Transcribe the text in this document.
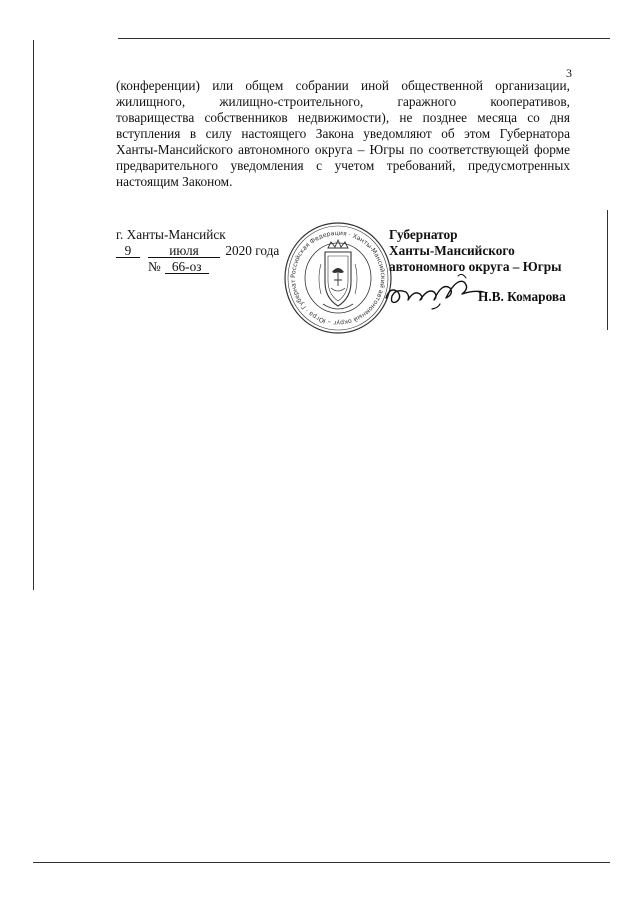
3
(конференции) или общем собрании иной общественной организации,
жилищного, жилищно-строительного, гаражного кооперативов,
товарищества собственников недвижимости), не позднее месяца со дня
вступления в силу настоящего Закона уведомляют об этом Губернатора
Ханты-Мансийского автономного округа – Югры по соответствующей форме
предварительного уведомления с учетом требований, предусмотренных
настоящим Законом.
г. Ханты-Мансийск
9	июля 2020 года
№ 66-оз
Российская Федерация · Ханты-Мансийский автономный округ – Югра · Губернат
Губернатор
Ханты-Мансийского
автономного округа – Югры
Н.В. Комарова
